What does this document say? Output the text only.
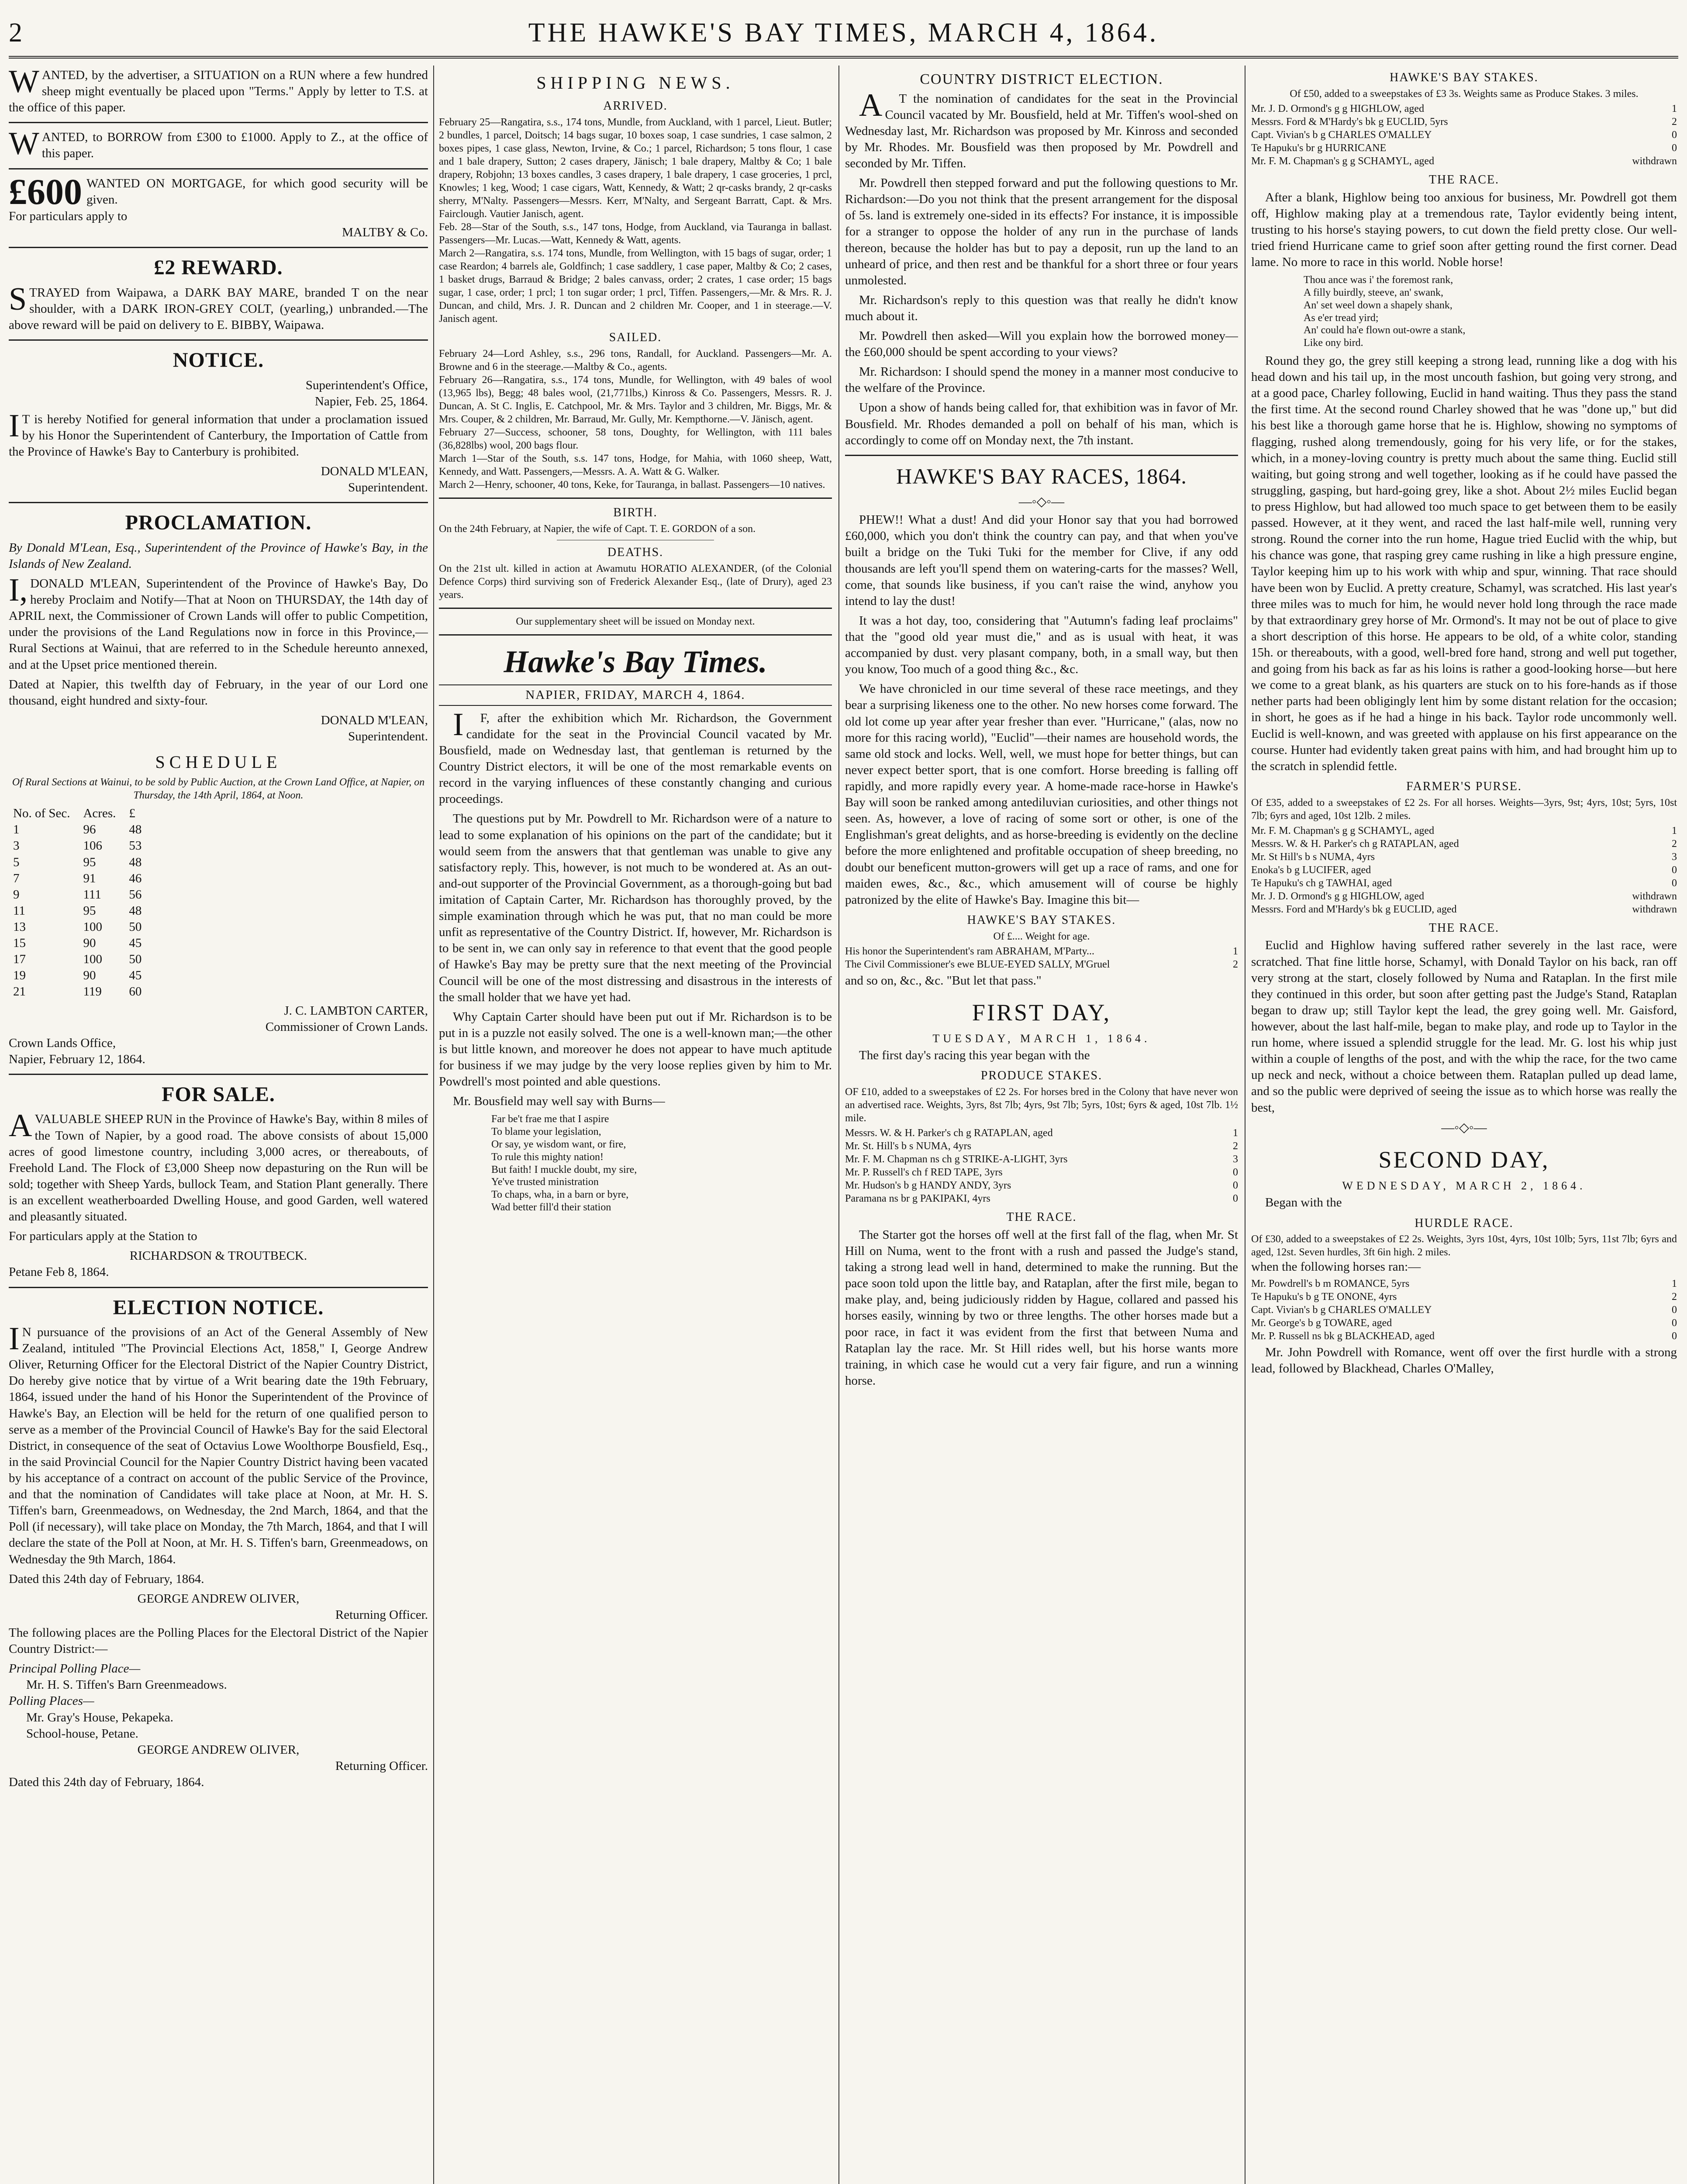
2	THE HAWKE'S BAY TIMES, MARCH 4, 1864.

WANTED, by the advertiser, a SITUATION on a RUN where a few hundred sheep might eventually be placed upon "Terms." Apply by letter to T.S. at the office of this paper.

WANTED, to BORROW from £300 to £1000. Apply to Z., at the office of this paper.

£600 WANTED ON MORTGAGE, for which good security will be given.
For particulars apply to
MALTBY & Co.
£2 REWARD.

STRAYED from Waipawa, a DARK BAY MARE, branded T on the near shoulder, with a DARK IRON-GREY COLT, (yearling,) unbranded.—The above reward will be paid on delivery to E. BIBBY, Waipawa.

NOTICE.
Superintendent's Office,
Napier, Feb. 25, 1864.

IT is hereby Notified for general information that under a proclamation issued by his Honor the Superintendent of Canterbury, the Importation of Cattle from the Province of Hawke's Bay to Canterbury is prohibited.

DONALD M'LEAN,
Superintendent.
PROCLAMATION.

By Donald M'Lean, Esq., Superintendent of the Province of Hawke's Bay, in the Islands of New Zealand.

I,DONALD M'LEAN, Superintendent of the Province of Hawke's Bay, Do hereby Proclaim and Notify—That at Noon on THURSDAY, the 14th day of APRIL next, the Commissioner of Crown Lands will offer to public Competition, under the provisions of the Land Regulations now in force in this Province,—Rural Sections at Wainui, that are referred to in the Schedule hereunto annexed, and at the Upset price mentioned therein.

Dated at Napier, this twelfth day of February, in the year of our Lord one thousand, eight hundred and sixty-four.

DONALD M'LEAN,
Superintendent.
SCHEDULE

Of Rural Sections at Wainui, to be sold by Public Auction, at the Crown Land Office, at Napier, on Thursday, the 14th April, 1864, at Noon.

No. of Sec.	Acres.	£
1	96	48
3	106	53
5	95	48
7	91	46
9	111	56
11	95	48
13	100	50
15	90	45
17	100	50
19	90	45
21	119	60
J. C. LAMBTON CARTER,
Commissioner of Crown Lands.
Crown Lands Office,
Napier, February 12, 1864.
FOR SALE.

AVALUABLE SHEEP RUN in the Province of Hawke's Bay, within 8 miles of the Town of Napier, by a good road. The above consists of about 15,000 acres of good limestone country, including 3,000 acres, or thereabouts, of Freehold Land. The Flock of £3,000 Sheep now depasturing on the Run will be sold; together with Sheep Yards, bullock Team, and Station Plant generally. There is an excellent weatherboarded Dwelling House, and good Garden, well watered and pleasantly situated.

For particulars apply at the Station to

RICHARDSON & TROUTBECK.
Petane Feb 8, 1864.
ELECTION NOTICE.

IN pursuance of the provisions of an Act of the General Assembly of New Zealand, intituled "The Provincial Elections Act, 1858," I, George Andrew Oliver, Returning Officer for the Electoral District of the Napier Country District, Do hereby give notice that by virtue of a Writ bearing date the 19th February, 1864, issued under the hand of his Honor the Superintendent of the Province of Hawke's Bay, an Election will be held for the return of one qualified person to serve as a member of the Provincial Council of Hawke's Bay for the said Electoral District, in consequence of the seat of Octavius Lowe Woolthorpe Bousfield, Esq., in the said Provincial Council for the Napier Country District having been vacated by his acceptance of a contract on account of the public Service of the Province, and that the nomination of Candidates will take place at Noon, at Mr. H. S. Tiffen's barn, Greenmeadows, on Wednesday, the 2nd March, 1864, and that the Poll (if necessary), will take place on Monday, the 7th March, 1864, and that I will declare the state of the Poll at Noon, at Mr. H. S. Tiffen's barn, Greenmeadows, on Wednesday the 9th March, 1864.

Dated this 24th day of February, 1864.

GEORGE ANDREW OLIVER,
Returning Officer.

The following places are the Polling Places for the Electoral District of the Napier Country District:—

Principal Polling Place—
Mr. H. S. Tiffen's Barn Greenmeadows.
Polling Places—
Mr. Gray's House, Pekapeka.
School-house, Petane.
GEORGE ANDREW OLIVER,
Returning Officer.
Dated this 24th day of February, 1864.
SHIPPING NEWS.
ARRIVED.
February 25—Rangatira, s.s., 174 tons, Mundle, from Auckland, with 1 parcel, Lieut. Butler; 2 bundles, 1 parcel, Doitsch; 14 bags sugar, 10 boxes soap, 1 case sundries, 1 case salmon, 2 boxes pipes, 1 case glass, Newton, Irvine, & Co.; 1 parcel, Richardson; 5 tons flour, 1 case and 1 bale drapery, Sutton; 2 cases drapery, Jänisch; 1 bale drapery, Maltby & Co; 1 bale drapery, Robjohn; 13 boxes candles, 3 cases drapery, 1 bale drapery, 1 case groceries, 1 prcl, Knowles; 1 keg, Wood; 1 case cigars, Watt, Kennedy, & Watt; 2 qr-casks brandy, 2 qr-casks sherry, M'Nalty. Passengers—Messrs. Kerr, M'Nalty, and Sergeant Barratt, Capt. & Mrs. Fairclough. Vautier Janisch, agent.
Feb. 28—Star of the South, s.s., 147 tons, Hodge, from Auckland, via Tauranga in ballast. Passengers—Mr. Lucas.—Watt, Kennedy & Watt, agents.
March 2—Rangatira, s.s. 174 tons, Mundle, from Wellington, with 15 bags of sugar, order; 1 case Reardon; 4 barrels ale, Goldfinch; 1 case saddlery, 1 case paper, Maltby & Co; 2 cases, 1 basket drugs, Barraud & Bridge; 2 bales canvass, order; 2 crates, 1 case order; 15 bags sugar, 1 case, order; 1 prcl; 1 ton sugar order; 1 prcl, Tiffen. Passengers,—Mr. & Mrs. R. J. Duncan, and child, Mrs. J. R. Duncan and 2 children Mr. Cooper, and 1 in steerage.—V. Janisch agent.
SAILED.
February 24—Lord Ashley, s.s., 296 tons, Randall, for Auckland. Passengers—Mr. A. Browne and 6 in the steerage.—Maltby & Co., agents.
February 26—Rangatira, s.s., 174 tons, Mundle, for Wellington, with 49 bales of wool (13,965 lbs), Begg; 48 bales wool, (21,771lbs,) Kinross & Co. Passengers, Messrs. R. J. Duncan, A. St C. Inglis, E. Catchpool, Mr. & Mrs. Taylor and 3 children, Mr. Biggs, Mr. & Mrs. Couper, & 2 children, Mr. Barraud, Mr. Gully, Mr. Kempthorne.—V. Jänisch, agent.
February 27—Success, schooner, 58 tons, Doughty, for Wellington, with 111 bales (36,828lbs) wool, 200 bags flour.
March 1—Star of the South, s.s. 147 tons, Hodge, for Mahia, with 1060 sheep, Watt, Kennedy, and Watt. Passengers,—Messrs. A. A. Watt & G. Walker.
March 2—Henry, schooner, 40 tons, Keke, for Tauranga, in ballast. Passengers—10 natives.
BIRTH.
On the 24th February, at Napier, the wife of Capt. T. E. GORDON of a son.
DEATHS.
On the 21st ult. killed in action at Awamutu HORATIO ALEXANDER, (of the Colonial Defence Corps) third surviving son of Frederick Alexander Esq., (late of Drury), aged 23 years.
Our supplementary sheet will be issued on Monday next.
Hawke's Bay Times.
NAPIER, FRIDAY, MARCH 4, 1864.

IF, after the exhibition which Mr. Richardson, the Government candidate for the seat in the Provincial Council vacated by Mr. Bousfield, made on Wednesday last, that gentleman is returned by the Country District electors, it will be one of the most remarkable events on record in the varying influences of these constantly changing and curious proceedings.

The questions put by Mr. Powdrell to Mr. Richardson were of a nature to lead to some explanation of his opinions on the part of the candidate; but it would seem from the answers that that gentleman was unable to give any satisfactory reply. This, however, is not much to be wondered at. As an out-and-out supporter of the Provincial Government, as a thorough-going but bad imitation of Captain Carter, Mr. Richardson has thoroughly proved, by the simple examination through which he was put, that no man could be more unfit as representative of the Country District. If, however, Mr. Richardson is to be sent in, we can only say in reference to that event that the good people of Hawke's Bay may be pretty sure that the next meeting of the Provincial Council will be one of the most distressing and disastrous in the interests of the small holder that we have yet had.

Why Captain Carter should have been put out if Mr. Richardson is to be put in is a puzzle not easily solved. The one is a well-known man;—the other is but little known, and moreover he does not appear to have much aptitude for business if we may judge by the very loose replies given by him to Mr. Powdrell's most pointed and able questions.

Mr. Bousfield may well say with Burns—

Far be't frae me that I aspire
To blame your legislation,
Or say, ye wisdom want, or fire,
To rule this mighty nation!
But faith! I muckle doubt, my sire,
Ye've trusted ministration
To chaps, wha, in a barn or byre,
Wad better fill'd their station
COUNTRY DISTRICT ELECTION.

AT the nomination of candidates for the seat in the Provincial Council vacated by Mr. Bousfield, held at Mr. Tiffen's wool-shed on Wednesday last, Mr. Richardson was proposed by Mr. Kinross and seconded by Mr. Rhodes. Mr. Bousfield was then proposed by Mr. Powdrell and seconded by Mr. Tiffen.

Mr. Powdrell then stepped forward and put the following questions to Mr. Richardson:—Do you not think that the present arrangement for the disposal of 5s. land is extremely one-sided in its effects? For instance, it is impossible for a stranger to oppose the holder of any run in the purchase of lands thereon, because the holder has but to pay a deposit, run up the land to an unheard of price, and then rest and be thankful for a short three or four years unmolested.

Mr. Richardson's reply to this question was that really he didn't know much about it.

Mr. Powdrell then asked—Will you explain how the borrowed money—the £60,000 should be spent according to your views?

Mr. Richardson: I should spend the money in a manner most conducive to the welfare of the Province.

Upon a show of hands being called for, that exhibition was in favor of Mr. Bousfield. Mr. Rhodes demanded a poll on behalf of his man, which is accordingly to come off on Monday next, the 7th instant.

HAWKE'S BAY RACES, 1864.
—◦◇◦—

PHEW!! What a dust! And did your Honor say that you had borrowed £60,000, which you don't think the country can pay, and that when you've built a bridge on the Tuki Tuki for the member for Clive, if any odd thousands are left you'll spend them on watering-carts for the masses? Well, come, that sounds like business, if you can't raise the wind, anyhow you intend to lay the dust!

It was a hot day, too, considering that "Autumn's fading leaf proclaims" that the "good old year must die," and as is usual with heat, it was accompanied by dust. very plasant company, both, in a small way, but then you know, Too much of a good thing &c., &c.

We have chronicled in our time several of these race meetings, and they bear a surprising likeness one to the other. No new horses come forward. The old lot come up year after year fresher than ever. "Hurricane," (alas, now no more for this racing world), "Euclid"—their names are household words, the same old stock and locks. Well, well, we must hope for better things, but can never expect better sport, that is one comfort. Horse breeding is falling off rapidly, and more rapidly every year. A home-made race-horse in Hawke's Bay will soon be ranked among antediluvian curiosities, and other things not seen. As, however, a love of racing of some sort or other, is one of the Englishman's great delights, and as horse-breeding is evidently on the decline before the more enlightened and profitable occupation of sheep breeding, no doubt our beneficent mutton-growers will get up a race of rams, and one for maiden ewes, &c., &c., which amusement will of course be highly patronized by the elite of Hawke's Bay. Imagine this bit—

HAWKE'S BAY STAKES.
Of £.... Weight for age.
His honor the Superintendent's ram ABRAHAM, M'Party...	1
The Civil Commissioner's ewe BLUE-EYED SALLY, M'Gruel	2
and so on, &c., &c. "But let that pass."
FIRST DAY,
TUESDAY, MARCH 1, 1864.

The first day's racing this year began with the

PRODUCE STAKES.
OF £10, added to a sweepstakes of £2 2s. For horses bred in the Colony that have never won an advertised race. Weights, 3yrs, 8st 7lb; 4yrs, 9st 7lb; 5yrs, 10st; 6yrs & aged, 10st 7lb. 1½ mile.
Messrs. W. & H. Parker's ch g RATAPLAN, aged	1
Mr. St. Hill's b s NUMA, 4yrs	2
Mr. F. M. Chapman ns ch g STRIKE-A-LIGHT, 3yrs	3
Mr. P. Russell's ch f RED TAPE, 3yrs	0
Mr. Hudson's b g HANDY ANDY, 3yrs	0
Paramana ns br g PAKIPAKI, 4yrs	0
THE RACE.

The Starter got the horses off well at the first fall of the flag, when Mr. St Hill on Numa, went to the front with a rush and passed the Judge's stand, taking a strong lead well in hand, determined to make the running. But the pace soon told upon the little bay, and Rataplan, after the first mile, began to make play, and, being judiciously ridden by Hague, collared and passed his horses easily, winning by two or three lengths. The other horses made but a poor race, in fact it was evident from the first that between Numa and Rataplan lay the race. Mr. St Hill rides well, but his horse wants more training, in which case he would cut a very fair figure, and run a winning horse.

HAWKE'S BAY STAKES.
Of £50, added to a sweepstakes of £3 3s. Weights same as Produce Stakes. 3 miles.
Mr. J. D. Ormond's g g HIGHLOW, aged	1
Messrs. Ford & M'Hardy's bk g EUCLID, 5yrs	2
Capt. Vivian's b g CHARLES O'MALLEY	0
Te Hapuku's br g HURRICANE	0
Mr. F. M. Chapman's g g SCHAMYL, aged	withdrawn
THE RACE.

After a blank, Highlow being too anxious for business, Mr. Powdrell got them off, Highlow making play at a tremendous rate, Taylor evidently being intent, trusting to his horse's staying powers, to cut down the field pretty close. Our well-tried friend Hurricane came to grief soon after getting round the first corner. Dead lame. No more to race in this world. Noble horse!

Thou ance was i' the foremost rank,
A filly buirdly, steeve, an' swank,
An' set weel down a shapely shank,
As e'er tread yird;
An' could ha'e flown out-owre a stank,
Like ony bird.

Round they go, the grey still keeping a strong lead, running like a dog with his head down and his tail up, in the most uncouth fashion, but going very strong, and at a good pace, Charley following, Euclid in hand waiting. Thus they pass the stand the first time. At the second round Charley showed that he was "done up," but did his best like a thorough game horse that he is. Highlow, showing no symptoms of flagging, rushed along tremendously, going for his very life, or for the stakes, which, in a money-loving country is pretty much about the same thing. Euclid still waiting, but going strong and well together, looking as if he could have passed the struggling, gasping, but hard-going grey, like a shot. About 2½ miles Euclid began to press Highlow, but had allowed too much space to get between them to be easily passed. However, at it they went, and raced the last half-mile well, running very strong. Round the corner into the run home, Hague tried Euclid with the whip, but his chance was gone, that rasping grey came rushing in like a high pressure engine, Taylor keeping him up to his work with whip and spur, winning. That race should have been won by Euclid. A pretty creature, Schamyl, was scratched. His last year's three miles was to much for him, he would never hold long through the race made by that extraordinary grey horse of Mr. Ormond's. It may not be out of place to give a short description of this horse. He appears to be old, of a white color, standing 15h. or thereabouts, with a good, well-bred fore hand, strong and well put together, and going from his back as far as his loins is rather a good-looking horse—but here we come to a great blank, as his quarters are stuck on to his fore-hands as if those nether parts had been obligingly lent him by some distant relation for the occasion; in short, he goes as if he had a hinge in his back. Taylor rode uncommonly well. Euclid is well-known, and was greeted with applause on his first appearance on the course. Hunter had evidently taken great pains with him, and had brought him up to the scratch in splendid fettle.

FARMER'S PURSE.
Of £35, added to a sweepstakes of £2 2s. For all horses. Weights—3yrs, 9st; 4yrs, 10st; 5yrs, 10st 7lb; 6yrs and aged, 10st 12lb. 2 miles.
Mr. F. M. Chapman's g g SCHAMYL, aged	1
Messrs. W. & H. Parker's ch g RATAPLAN, aged	2
Mr. St Hill's b s NUMA, 4yrs	3
Enoka's b g LUCIFER, aged	0
Te Hapuku's ch g TAWHAI, aged	0
Mr. J. D. Ormond's g g HIGHLOW, aged	withdrawn
Messrs. Ford and M'Hardy's bk g EUCLID, aged	withdrawn
THE RACE.

Euclid and Highlow having suffered rather severely in the last race, were scratched. That fine little horse, Schamyl, with Donald Taylor on his back, ran off very strong at the start, closely followed by Numa and Rataplan. In the first mile they continued in this order, but soon after getting past the Judge's Stand, Rataplan began to draw up; still Taylor kept the lead, the grey going well. Mr. Gaisford, however, about the last half-mile, began to make play, and rode up to Taylor in the run home, where issued a splendid struggle for the lead. Mr. G. lost his whip just within a couple of lengths of the post, and with the whip the race, for the two came up neck and neck, without a choice between them. Rataplan pulled up dead lame, and so the public were deprived of seeing the issue as to which horse was really the best,

—◦◇◦—
SECOND DAY,
WEDNESDAY, MARCH 2, 1864.

Began with the

HURDLE RACE.
Of £30, added to a sweepstakes of £2 2s. Weights, 3yrs 10st, 4yrs, 10st 10lb; 5yrs, 11st 7lb; 6yrs and aged, 12st. Seven hurdles, 3ft 6in high. 2 miles.
when the following horses ran:—
Mr. Powdrell's b m ROMANCE, 5yrs	1
Te Hapuku's b g TE ONONE, 4yrs	2
Capt. Vivian's b g CHARLES O'MALLEY	0
Mr. George's b g TOWARE, aged	0
Mr. P. Russell ns bk g BLACKHEAD, aged	0

Mr. John Powdrell with Romance, went off over the first hurdle with a strong lead, followed by Blackhead, Charles O'Malley,
